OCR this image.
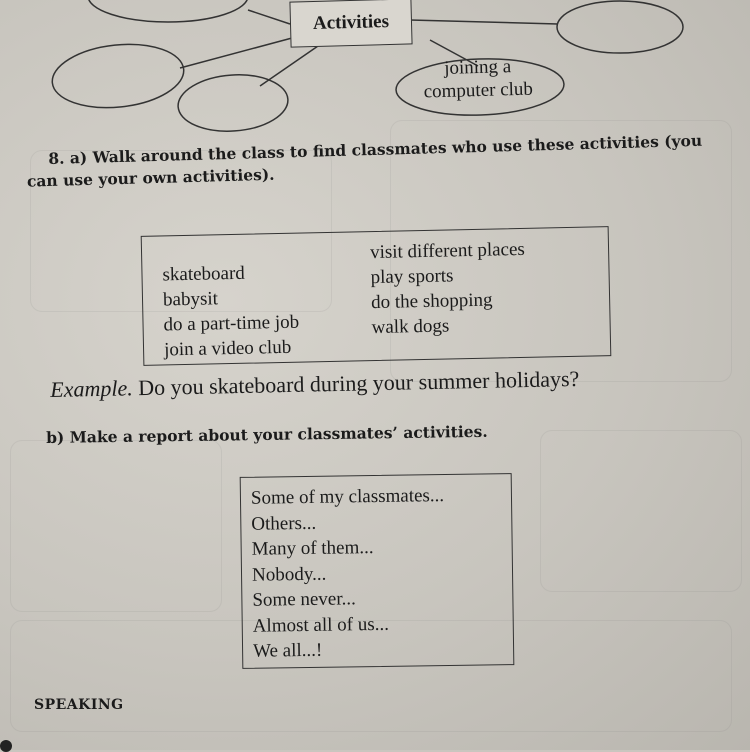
Activities
joining a
computer club
8. a) Walk around the class to find classmates who use these activities (you
can use your own activities).
skateboard
babysit
do a part-time job
join a video club
visit different places
play sports
do the shopping
walk dogs
Example. Do you skateboard during your summer holidays?
b) Make a report about your classmates’ activities.
Some of my classmates...
Others...
Many of them...
Nobody...
Some never...
Almost all of us...
We all...!
SPEAKING
